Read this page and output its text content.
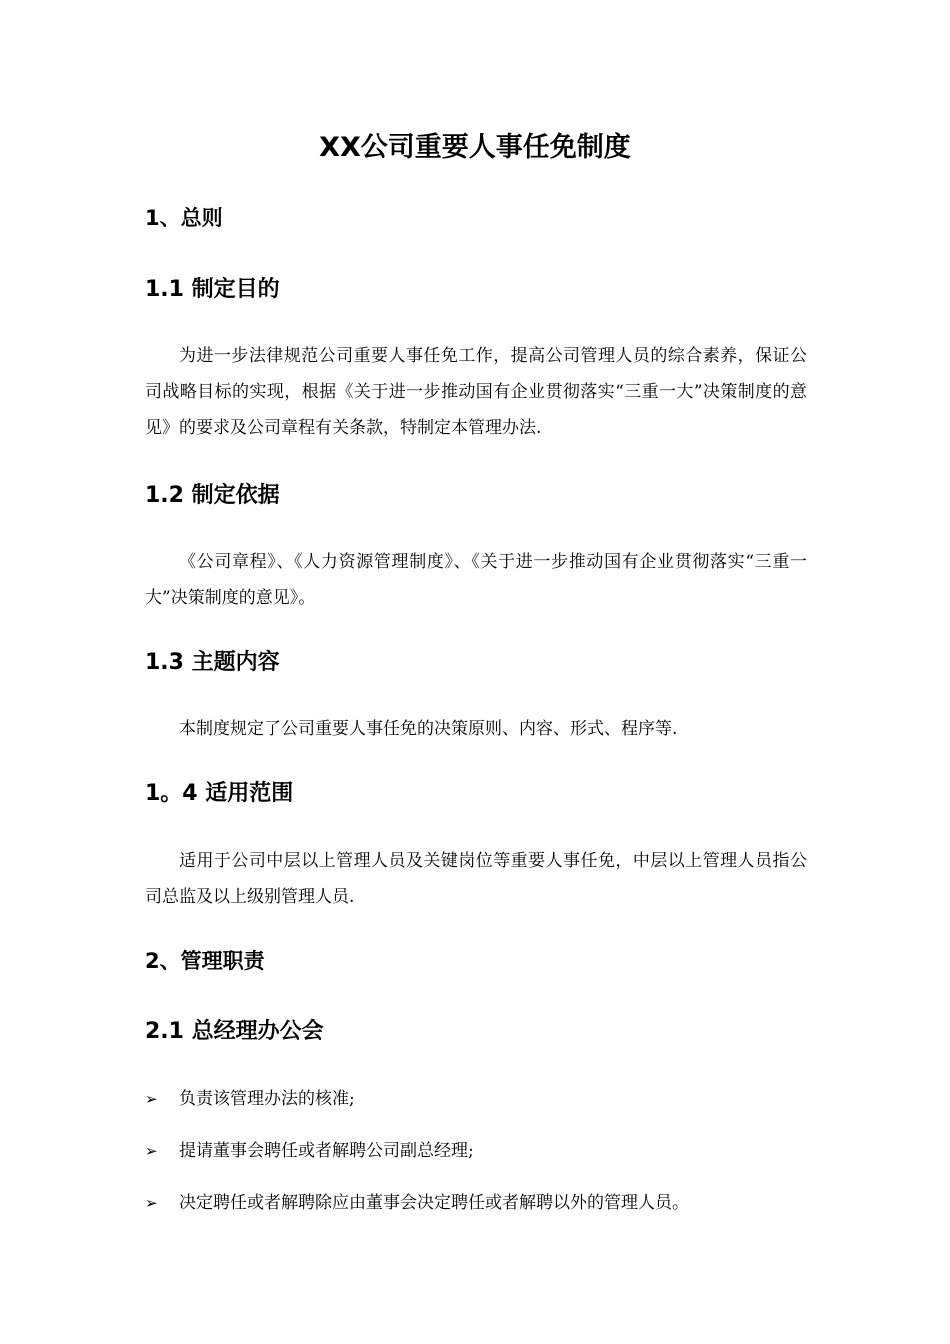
XX公司重要人事任免制度
1、总则
1.1 制定目的

为进一步法律规范公司重要人事任免工作，提高公司管理人员的综合素养，保证公司战略目标的实现，根据《关于进一步推动国有企业贯彻落实“三重一大”决策制度的意见》的要求及公司章程有关条款，特制定本管理办法.

1.2 制定依据

《公司章程》、《人力资源管理制度》、《关于进一步推动国有企业贯彻落实“三重一大”决策制度的意见》。

1.3 主题内容

本制度规定了公司重要人事任免的决策原则、内容、形式、程序等.

1。4 适用范围

适用于公司中层以上管理人员及关键岗位等重要人事任免，中层以上管理人员指公司总监及以上级别管理人员.

2、管理职责
2.1 总经理办公会
➢ 负责该管理办法的核准;
➢ 提请董事会聘任或者解聘公司副总经理;
➢ 决定聘任或者解聘除应由董事会决定聘任或者解聘以外的管理人员。
